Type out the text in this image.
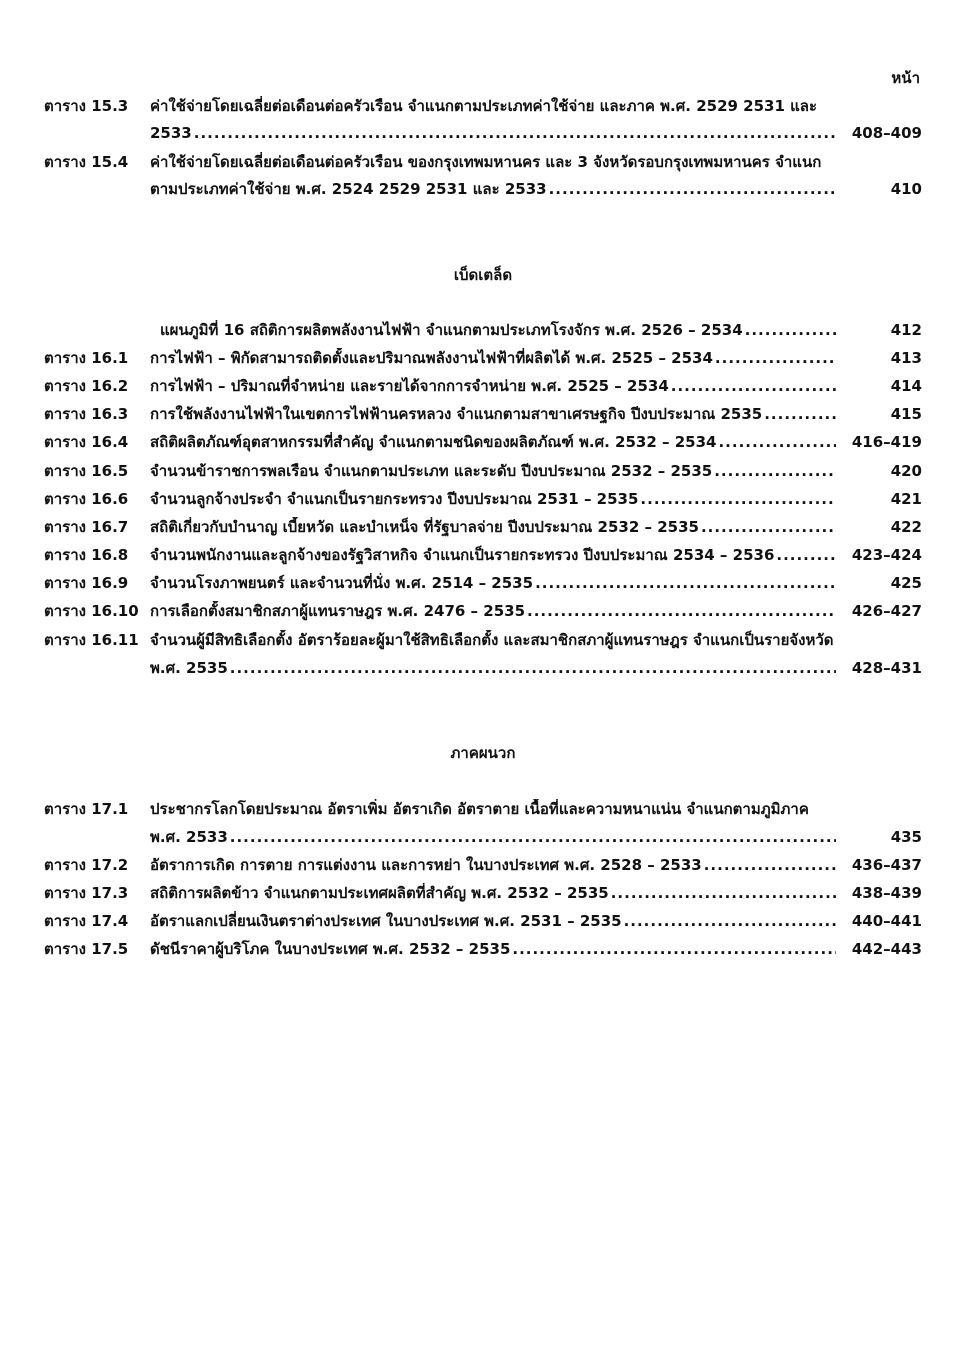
หน้า
ตาราง 15.3 ค่าใช้จ่ายโดยเฉลี่ยต่อเดือนต่อครัวเรือน จำแนกตามประเภทค่าใช้จ่าย และภาค พ.ศ. 2529 2531 และ
2533 .....	408–409
ตาราง 15.4 ค่าใช้จ่ายโดยเฉลี่ยต่อเดือนต่อครัวเรือน ของกรุงเทพมหานคร และ 3 จังหวัดรอบกรุงเทพมหานคร จำแนก
ตามประเภทค่าใช้จ่าย พ.ศ. 2524 2529 2531 และ 2533 .....	410
เบ็ดเตล็ด
แผนภูมิที่ 16 สถิติการผลิตพลังงานไฟฟ้า จำแนกตามประเภทโรงจักร พ.ศ. 2526 – 2534 .....	412
ตาราง 16.1 การไฟฟ้า – พิกัดสามารถติดตั้งและปริมาณพลังงานไฟฟ้าที่ผลิตได้ พ.ศ. 2525 – 2534 .....	413
ตาราง 16.2 การไฟฟ้า – ปริมาณที่จำหน่าย และรายได้จากการจำหน่าย พ.ศ. 2525 – 2534 .....	414
ตาราง 16.3 การใช้พลังงานไฟฟ้าในเขตการไฟฟ้านครหลวง จำแนกตามสาขาเศรษฐกิจ ปีงบประมาณ 2535 .....	415
ตาราง 16.4 สถิติผลิตภัณฑ์อุตสาหกรรมที่สำคัญ จำแนกตามชนิดของผลิตภัณฑ์ พ.ศ. 2532 – 2534 .....	416–419
ตาราง 16.5 จำนวนข้าราชการพลเรือน จำแนกตามประเภท และระดับ ปีงบประมาณ 2532 – 2535 .....	420
ตาราง 16.6 จำนวนลูกจ้างประจำ จำแนกเป็นรายกระทรวง ปีงบประมาณ 2531 – 2535 .....	421
ตาราง 16.7 สถิติเกี่ยวกับบำนาญ เบี้ยหวัด และบำเหน็จ ที่รัฐบาลจ่าย ปีงบประมาณ 2532 – 2535 .....	422
ตาราง 16.8 จำนวนพนักงานและลูกจ้างของรัฐวิสาหกิจ จำแนกเป็นรายกระทรวง ปีงบประมาณ 2534 – 2536 .....	423–424
ตาราง 16.9 จำนวนโรงภาพยนตร์ และจำนวนที่นั่ง พ.ศ. 2514 – 2535 .....	425
ตาราง 16.10 การเลือกตั้งสมาชิกสภาผู้แทนราษฎร พ.ศ. 2476 – 2535 .....	426–427
ตาราง 16.11 จำนวนผู้มีสิทธิเลือกตั้ง อัตราร้อยละผู้มาใช้สิทธิเลือกตั้ง และสมาชิกสภาผู้แทนราษฎร จำแนกเป็นรายจังหวัด
พ.ศ. 2535 .....	428–431
ภาคผนวก
ตาราง 17.1 ประชากรโลกโดยประมาณ อัตราเพิ่ม อัตราเกิด อัตราตาย เนื้อที่และความหนาแน่น จำแนกตามภูมิภาค
พ.ศ. 2533 .....	435
ตาราง 17.2 อัตราการเกิด การตาย การแต่งงาน และการหย่า ในบางประเทศ พ.ศ. 2528 – 2533 .....	436–437
ตาราง 17.3 สถิติการผลิตข้าว จำแนกตามประเทศผลิตที่สำคัญ พ.ศ. 2532 – 2535 .....	438–439
ตาราง 17.4 อัตราแลกเปลี่ยนเงินตราต่างประเทศ ในบางประเทศ พ.ศ. 2531 – 2535 .....	440–441
ตาราง 17.5 ดัชนีราคาผู้บริโภค ในบางประเทศ พ.ศ. 2532 – 2535 .....	442–443
